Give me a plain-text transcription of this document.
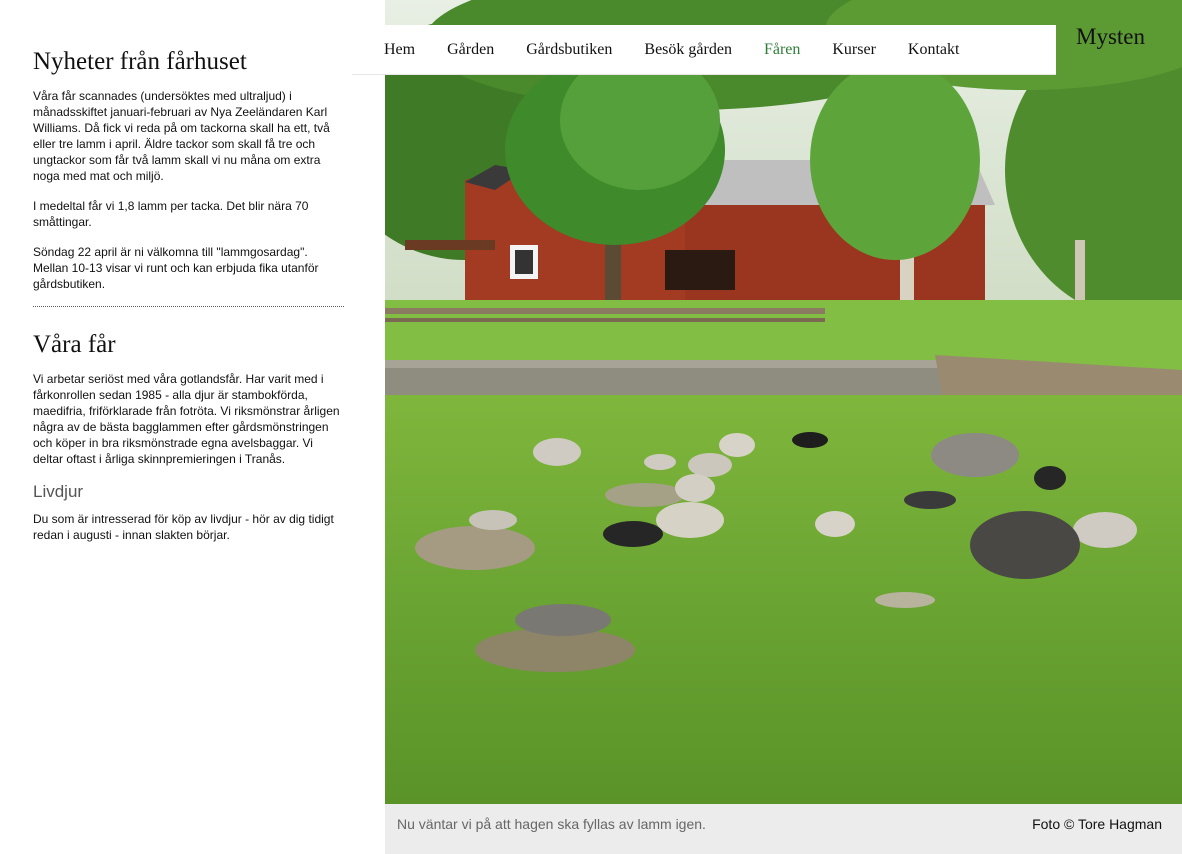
Nyheter från fårhuset

Våra får scannades (undersöktes med ultraljud) i månadsskiftet januari-februari av Nya Zeeländaren Karl Williams. Då fick vi reda på om tackorna skall ha ett, två eller tre lamm i april. Äldre tackor som skall få tre och ungtackor som får två lamm skall vi nu måna om extra noga med mat och miljö.

I medeltal får vi 1,8 lamm per tacka. Det blir nära 70 småttingar.

Söndag 22 april är ni välkomna till "lammgosardag". Mellan 10-13 visar vi runt och kan erbjuda fika utanför gårdsbutiken.

Våra får

Vi arbetar seriöst med våra gotlandsfår. Har varit med i fårkonrollen sedan 1985 - alla djur är stambokförda, maedifria, friförklarade från fotröta. Vi riksmönstrar årligen några av de bästa bagglammen efter gårdsmönstringen och köper in bra riksmönstrade egna avelsbaggar. Vi deltar oftast i årliga skinnpremieringen i Tranås.

Livdjur

Du som är intresserad för köp av livdjur - hör av dig tidigt redan i augusti - innan slakten börjar.

Hem Gården Gårdsbutiken Besök gården Fåren Kurser Kontakt	Mysten
Nu väntar vi på att hagen ska fyllas av lamm igen.	Foto © Tore Hagman
